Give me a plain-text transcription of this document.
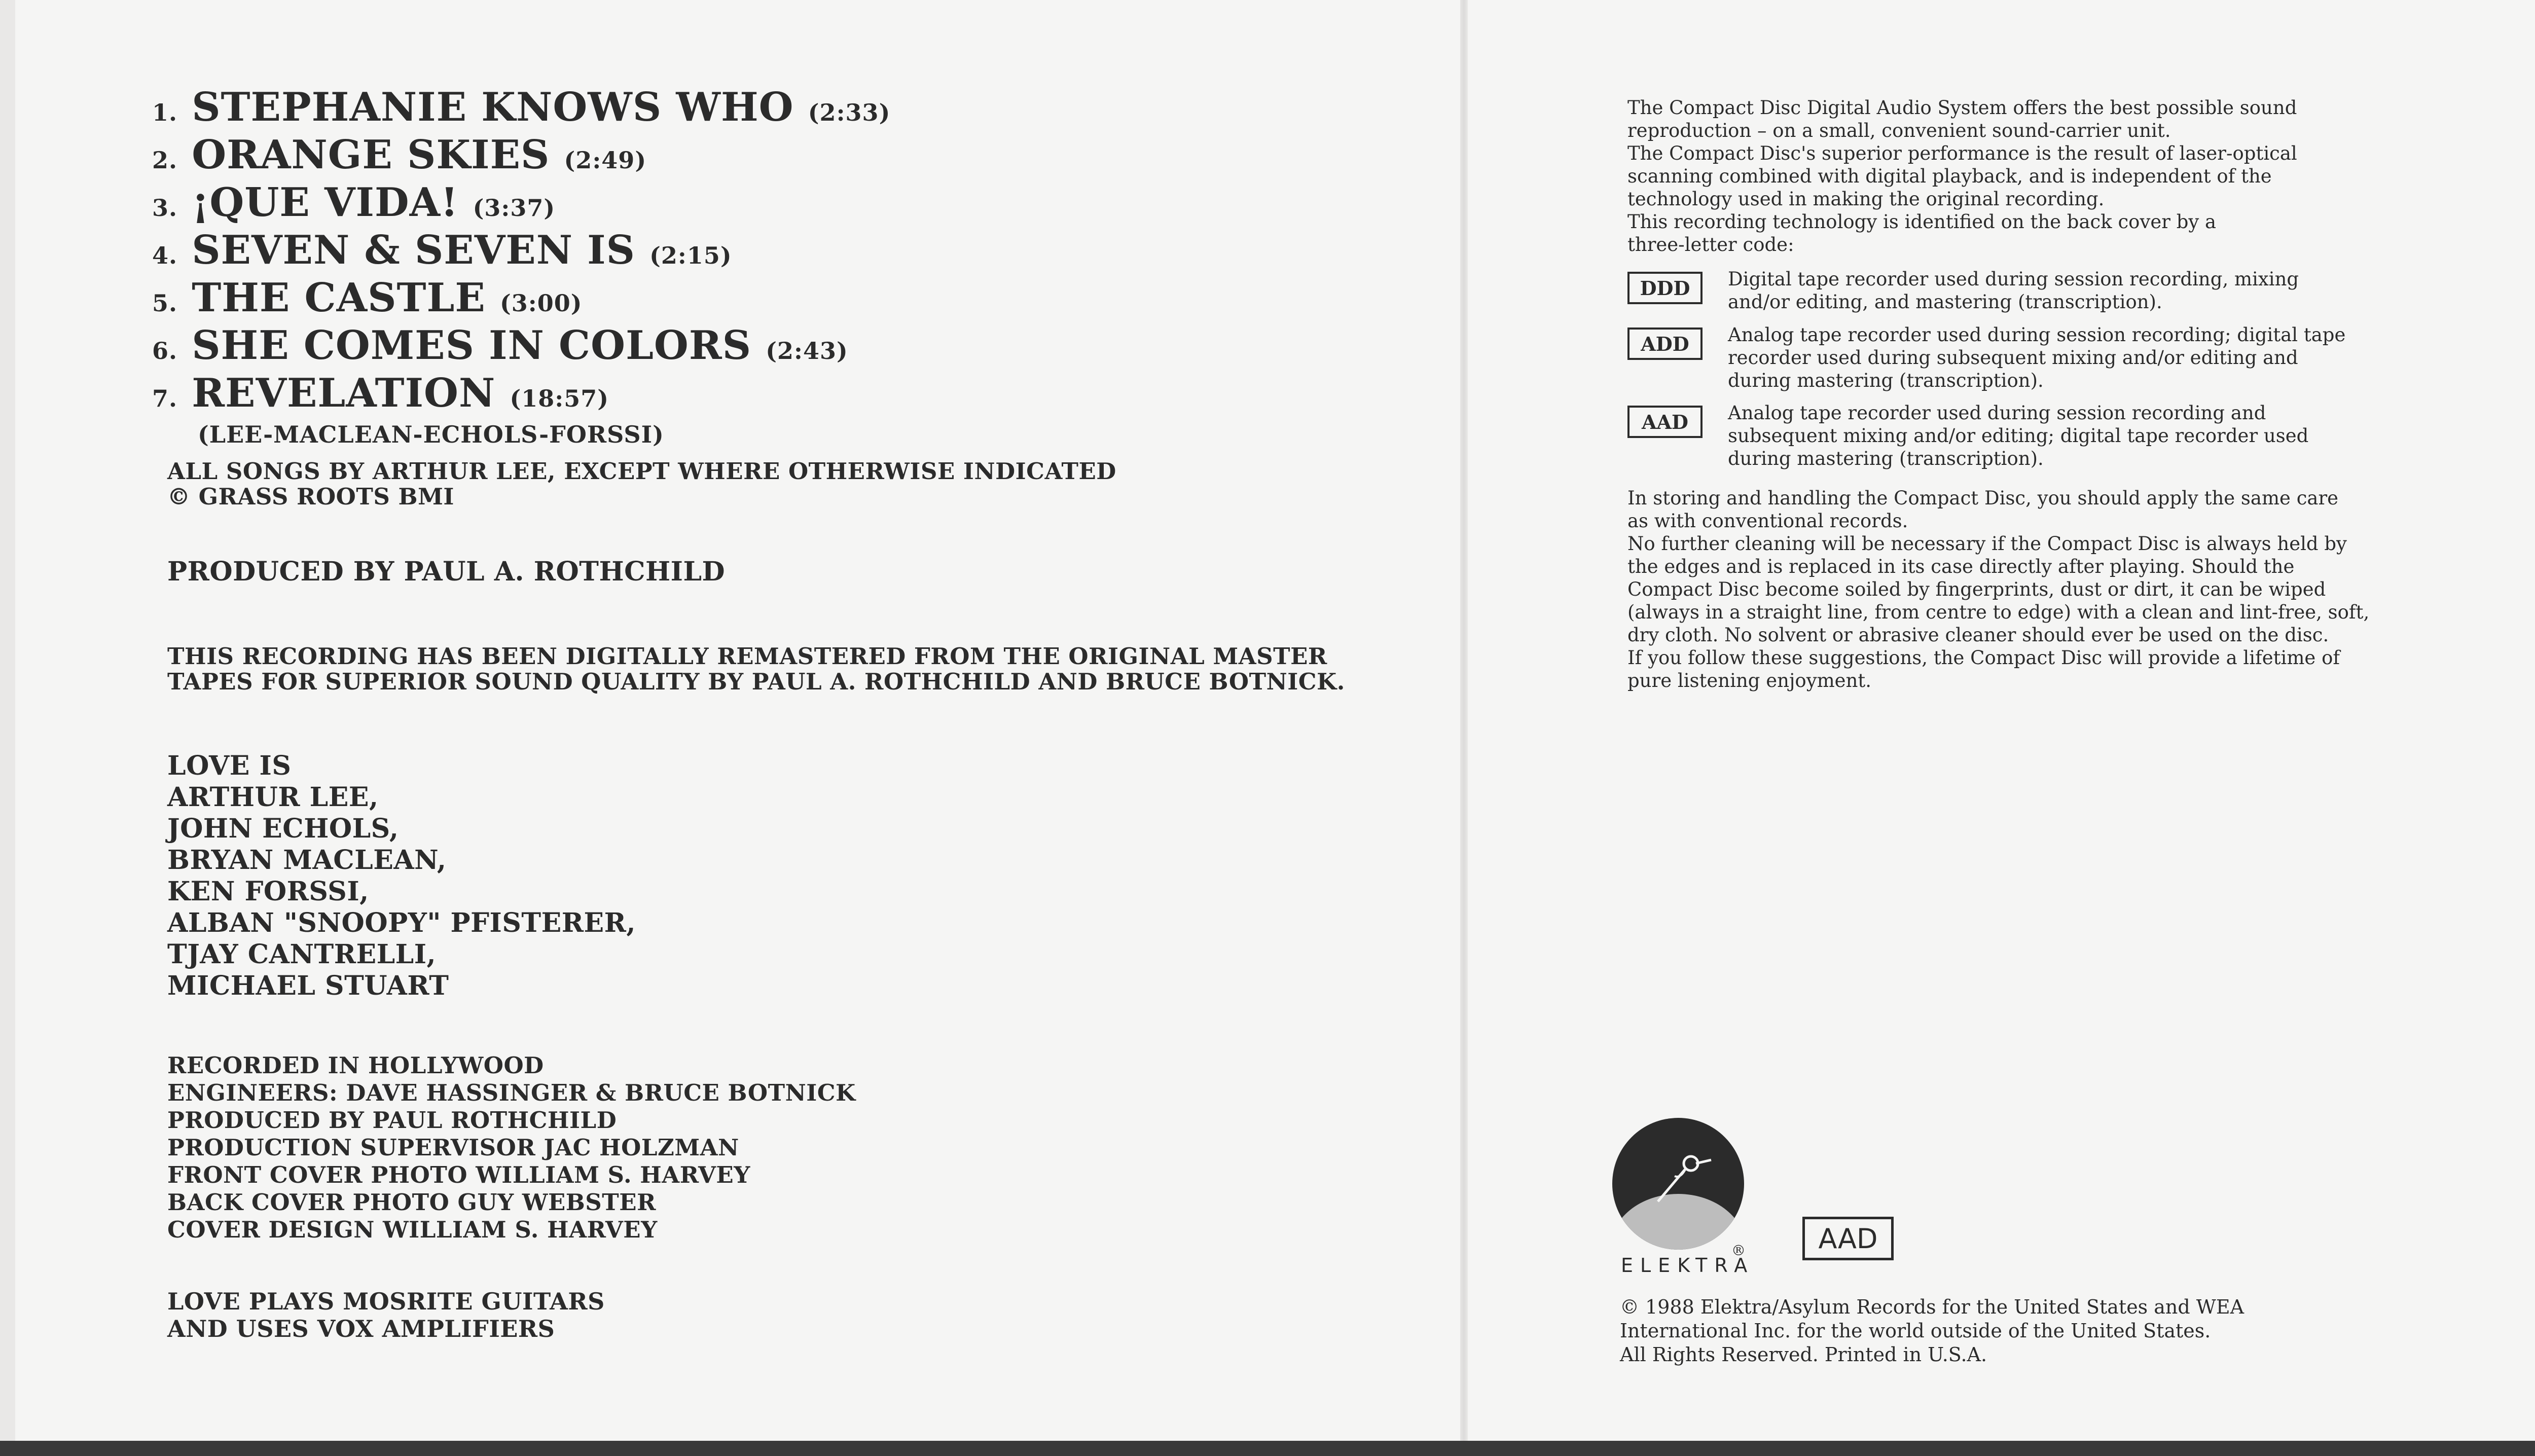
1. STEPHANIE KNOWS WHO (2:33)
2. ORANGE SKIES (2:49)
3. ¡QUE VIDA! (3:37)
4. SEVEN & SEVEN IS (2:15)
5. THE CASTLE (3:00)
6. SHE COMES IN COLORS (2:43)
7. REVELATION (18:57)
(LEE-MACLEAN-ECHOLS-FORSSI)
ALL SONGS BY ARTHUR LEE, EXCEPT WHERE OTHERWISE INDICATED
© GRASS ROOTS BMI
PRODUCED BY PAUL A. ROTHCHILD
THIS RECORDING HAS BEEN DIGITALLY REMASTERED FROM THE ORIGINAL MASTER
TAPES FOR SUPERIOR SOUND QUALITY BY PAUL A. ROTHCHILD AND BRUCE BOTNICK.
LOVE IS
ARTHUR LEE,
JOHN ECHOLS,
BRYAN MACLEAN,
KEN FORSSI,
ALBAN "SNOOPY" PFISTERER,
TJAY CANTRELLI,
MICHAEL STUART
RECORDED IN HOLLYWOOD
ENGINEERS: DAVE HASSINGER & BRUCE BOTNICK
PRODUCED BY PAUL ROTHCHILD
PRODUCTION SUPERVISOR JAC HOLZMAN
FRONT COVER PHOTO WILLIAM S. HARVEY
BACK COVER PHOTO GUY WEBSTER
COVER DESIGN WILLIAM S. HARVEY
LOVE PLAYS MOSRITE GUITARS
AND USES VOX AMPLIFIERS
The Compact Disc Digital Audio System offers the best possible sound
reproduction – on a small, convenient sound-carrier unit.
The Compact Disc's superior performance is the result of laser-optical
scanning combined with digital playback, and is independent of the
technology used in making the original recording.
This recording technology is identified on the back cover by a
three-letter code:
DDD	Digital tape recorder used during session recording, mixing
and/or editing, and mastering (transcription).
ADD	Analog tape recorder used during session recording; digital tape
recorder used during subsequent mixing and/or editing and
during mastering (transcription).
AAD	Analog tape recorder used during session recording and
subsequent mixing and/or editing; digital tape recorder used
during mastering (transcription).
In storing and handling the Compact Disc, you should apply the same care
as with conventional records.
No further cleaning will be necessary if the Compact Disc is always held by
the edges and is replaced in its case directly after playing. Should the
Compact Disc become soiled by fingerprints, dust or dirt, it can be wiped
(always in a straight line, from centre to edge) with a clean and lint-free, soft,
dry cloth. No solvent or abrasive cleaner should ever be used on the disc.
If you follow these suggestions, the Compact Disc will provide a lifetime of
pure listening enjoyment.
®
ELEKTRA
AAD
© 1988 Elektra/Asylum Records for the United States and WEA
International Inc. for the world outside of the United States.
All Rights Reserved. Printed in U.S.A.
